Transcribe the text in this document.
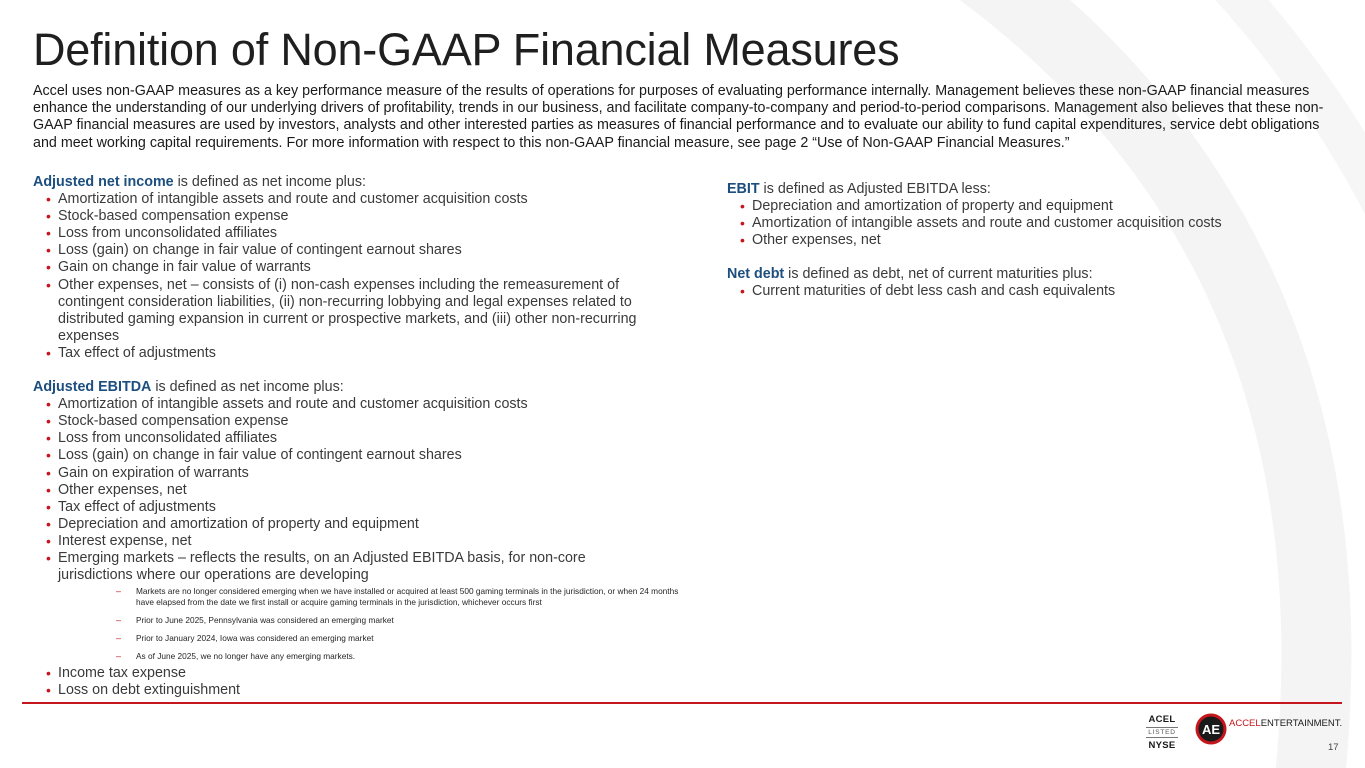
Definition of Non-GAAP Financial Measures

Accel uses non-GAAP measures as a key performance measure of the results of operations for purposes of evaluating performance internally. Management believes these non-GAAP financial measures enhance the understanding of our underlying drivers of profitability, trends in our business, and facilitate company-to-company and period-to-period comparisons. Management also believes that these non-GAAP financial measures are used by investors, analysts and other interested parties as measures of financial performance and to evaluate our ability to fund capital expenditures, service debt obligations and meet working capital requirements. For more information with respect to this non-GAAP financial measure, see page 2 “Use of Non-GAAP Financial Measures.”

Adjusted net income is defined as net income plus:
• Amortization of intangible assets and route and customer acquisition costs
• Stock-based compensation expense
• Loss from unconsolidated affiliates
• Loss (gain) on change in fair value of contingent earnout shares
• Gain on change in fair value of warrants
• Other expenses, net – consists of (i) non-cash expenses including the remeasurement of contingent consideration liabilities, (ii) non-recurring lobbying and legal expenses related to distributed gaming expansion in current or prospective markets, and (iii) other non-recurring expenses
• Tax effect of adjustments
Adjusted EBITDA is defined as net income plus:
• Amortization of intangible assets and route and customer acquisition costs
• Stock-based compensation expense
• Loss from unconsolidated affiliates
• Loss (gain) on change in fair value of contingent earnout shares
• Gain on expiration of warrants
• Other expenses, net
• Tax effect of adjustments
• Depreciation and amortization of property and equipment
• Interest expense, net
• Emerging markets – reflects the results, on an Adjusted EBITDA basis, for non-core jurisdictions where our operations are developing
– Markets are no longer considered emerging when we have installed or acquired at least 500 gaming terminals in the jurisdiction, or when 24 months have elapsed from the date we first install or acquire gaming terminals in the jurisdiction, whichever occurs first
– Prior to June 2025, Pennsylvania was considered an emerging market
– Prior to January 2024, Iowa was considered an emerging market
– As of June 2025, we no longer have any emerging markets.
• Income tax expense
• Loss on debt extinguishment
EBIT is defined as Adjusted EBITDA less:
• Depreciation and amortization of property and equipment
• Amortization of intangible assets and route and customer acquisition costs
• Other expenses, net
Net debt is defined as debt, net of current maturities plus:
• Current maturities of debt less cash and cash equivalents
ACEL
LISTED
NYSE
AE ACCELENTERTAINMENT.
17
